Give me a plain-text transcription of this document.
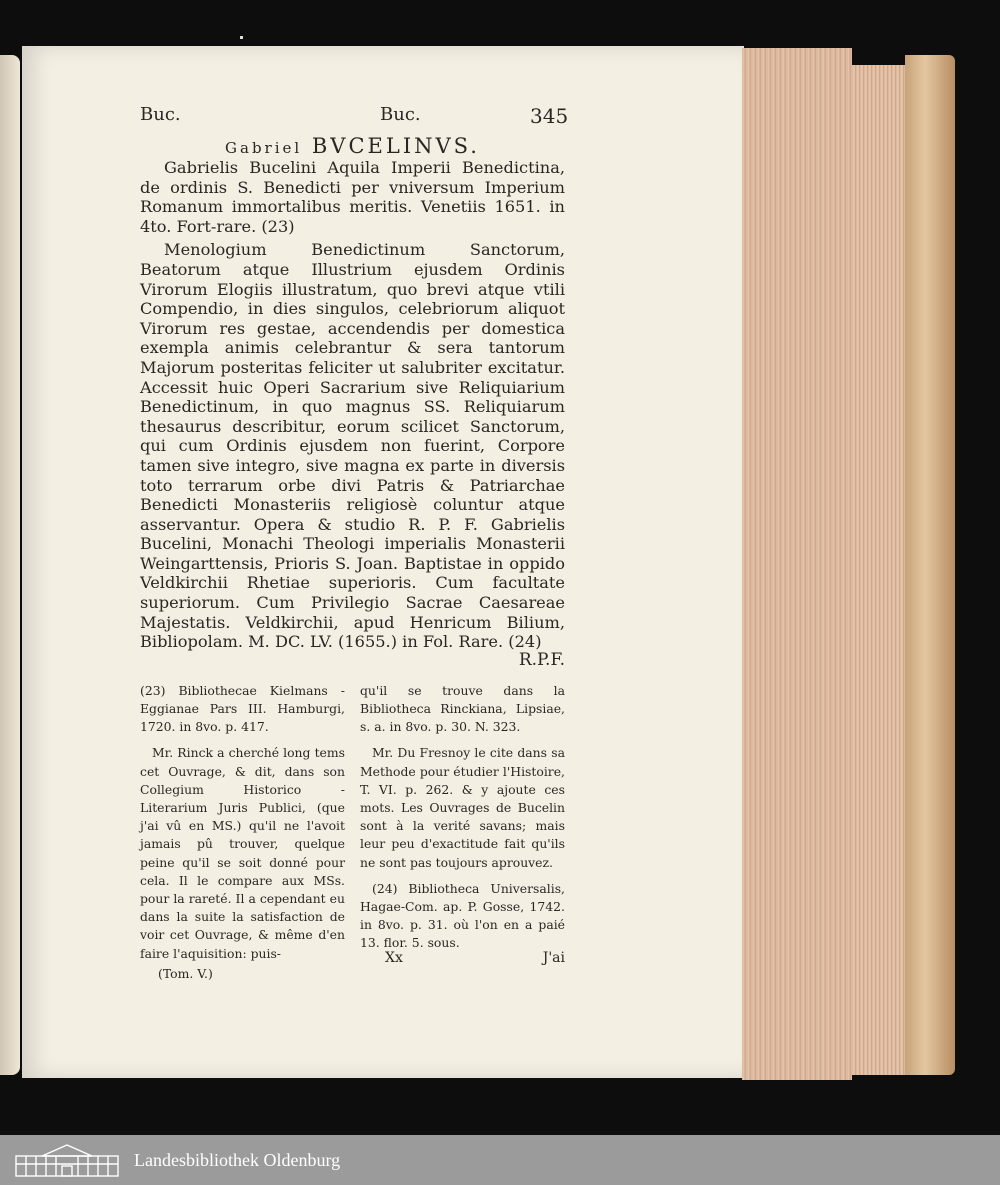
Buc.	Buc.	345
Gabriel BVCELINVS.

Gabrielis Bucelini Aquila Imperii Benedictina, de ordinis S. Benedicti per vniversum Imperium Romanum immortalibus meritis. Venetiis 1651. in 4to. Fort-rare. (23)

Menologium Benedictinum Sanctorum, Beatorum atque Illustrium ejusdem Ordinis Virorum Elogiis illustratum, quo brevi atque vtili Compendio, in dies singulos, celebriorum aliquot Virorum res gestae, accendendis per domestica exempla animis celebrantur & sera tantorum Majorum posteritas feliciter ut salubriter excitatur. Accessit huic Operi Sacrarium sive Reliquiarium Benedictinum, in quo magnus SS. Reliquiarum thesaurus describitur, eorum scilicet Sanctorum, qui cum Ordinis ejusdem non fuerint, Corpore tamen sive integro, sive magna ex parte in diversis toto terrarum orbe divi Patris & Patriarchae Benedicti Monasteriis religiosè coluntur atque asservantur. Opera & studio R. P. F. Gabrielis Bucelini, Monachi Theologi imperialis Monasterii Weingarttensis, Prioris S. Joan. Baptistae in oppido Veldkirchii Rhetiae superioris. Cum facultate superiorum. Cum Privilegio Sacrae Caesareae Majestatis. Veldkirchii, apud Henricum Bilium, Bibliopolam. M. DC. LV. (1655.) in Fol. Rare. (24)

R.P.F.

(23) Bibliothecae Kielmans - Eggianae Pars III. Hamburgi, 1720. in 8vo. p. 417.

Mr. Rinck a cherché long tems cet Ouvrage, & dit, dans son Collegium Historico - Literarium Juris Publici, (que j'ai vû en MS.) qu'il ne l'avoit jamais pû trouver, quelque peine qu'il se soit donné pour cela. Il le compare aux MSs. pour la rareté. Il a cependant eu dans la suite la satisfaction de voir cet Ouvrage, & même d'en faire l'aquisition: puis-

(Tom. V.)

qu'il se trouve dans la Bibliotheca Rinckiana, Lipsiae, s. a. in 8vo. p. 30. N. 323.

Mr. Du Fresnoy le cite dans sa Methode pour étudier l'Histoire, T. VI. p. 262. & y ajoute ces mots. Les Ouvrages de Bucelin sont à la verité savans; mais leur peu d'exactitude fait qu'ils ne sont pas toujours aprouvez.

(24) Bibliotheca Universalis, Hagae-Com. ap. P. Gosse, 1742. in 8vo. p. 31. où l'on en a paié 13. flor. 5. sous.

Xx	J'ai
Landesbibliothek Oldenburg
